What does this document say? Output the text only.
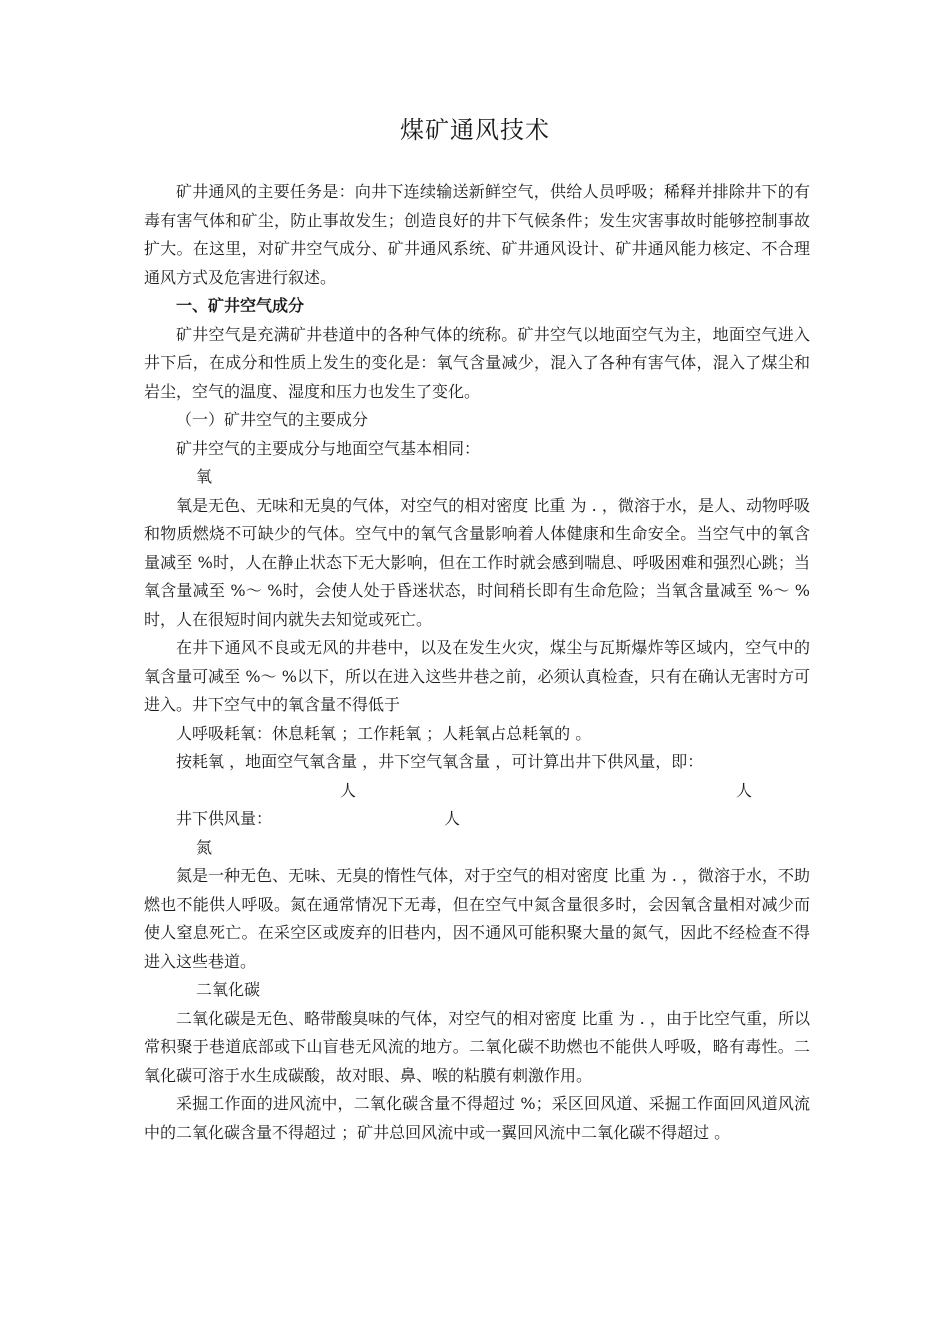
煤矿通风技术

矿井通风的主要任务是：向井下连续输送新鲜空气，供给人员呼吸；稀释并排除井下的有毒有害气体和矿尘，防止事故发生；创造良好的井下气候条件；发生灾害事故时能够控制事故扩大。在这里，对矿井空气成分、矿井通风系统、矿井通风设计、矿井通风能力核定、不合理通风方式及危害进行叙述。

一、矿井空气成分

矿井空气是充满矿井巷道中的各种气体的统称。矿井空气以地面空气为主，地面空气进入井下后，在成分和性质上发生的变化是：氧气含量减少，混入了各种有害气体，混入了煤尘和岩尘，空气的温度、湿度和压力也发生了变化。

（一）矿井空气的主要成分

矿井空气的主要成分与地面空气基本相同：

氧

氧是无色、无味和无臭的气体，对空气的相对密度 比重 为 . ，微溶于水，是人、动物呼吸和物质燃烧不可缺少的气体。空气中的氧气含量影响着人体健康和生命安全。当空气中的氧含量减至 %时，人在静止状态下无大影响，但在工作时就会感到喘息、呼吸困难和强烈心跳；当氧含量减至 %～ %时，会使人处于昏迷状态，时间稍长即有生命危险；当氧含量减至 %～ %时，人在很短时间内就失去知觉或死亡。

在井下通风不良或无风的井巷中，以及在发生火灾，煤尘与瓦斯爆炸等区域内，空气中的氧含量可减至 %～ %以下，所以在进入这些井巷之前，必须认真检查，只有在确认无害时方可进入。井下空气中的氧含量不得低于

人呼吸耗氧：休息耗氧 ；工作耗氧 ；人耗氧占总耗氧的 。

按耗氧 ，地面空气氧含量 ，井下空气氧含量 ，可计算出井下供风量，即：

人	人
井下供风量：	人

氮

氮是一种无色、无味、无臭的惰性气体，对于空气的相对密度 比重 为 . ，微溶于水，不助燃也不能供人呼吸。氮在通常情况下无毒，但在空气中氮含量很多时，会因氧含量相对减少而使人窒息死亡。在采空区或废弃的旧巷内，因不通风可能积聚大量的氮气，因此不经检查不得进入这些巷道。

二氧化碳

二氧化碳是无色、略带酸臭味的气体，对空气的相对密度 比重 为 . ，由于比空气重，所以常积聚于巷道底部或下山盲巷无风流的地方。二氧化碳不助燃也不能供人呼吸，略有毒性。二氧化碳可溶于水生成碳酸，故对眼、鼻、喉的粘膜有刺激作用。

采掘工作面的进风流中，二氧化碳含量不得超过 %；采区回风道、采掘工作面回风道风流中的二氧化碳含量不得超过 ；矿井总回风流中或一翼回风流中二氧化碳不得超过 。
